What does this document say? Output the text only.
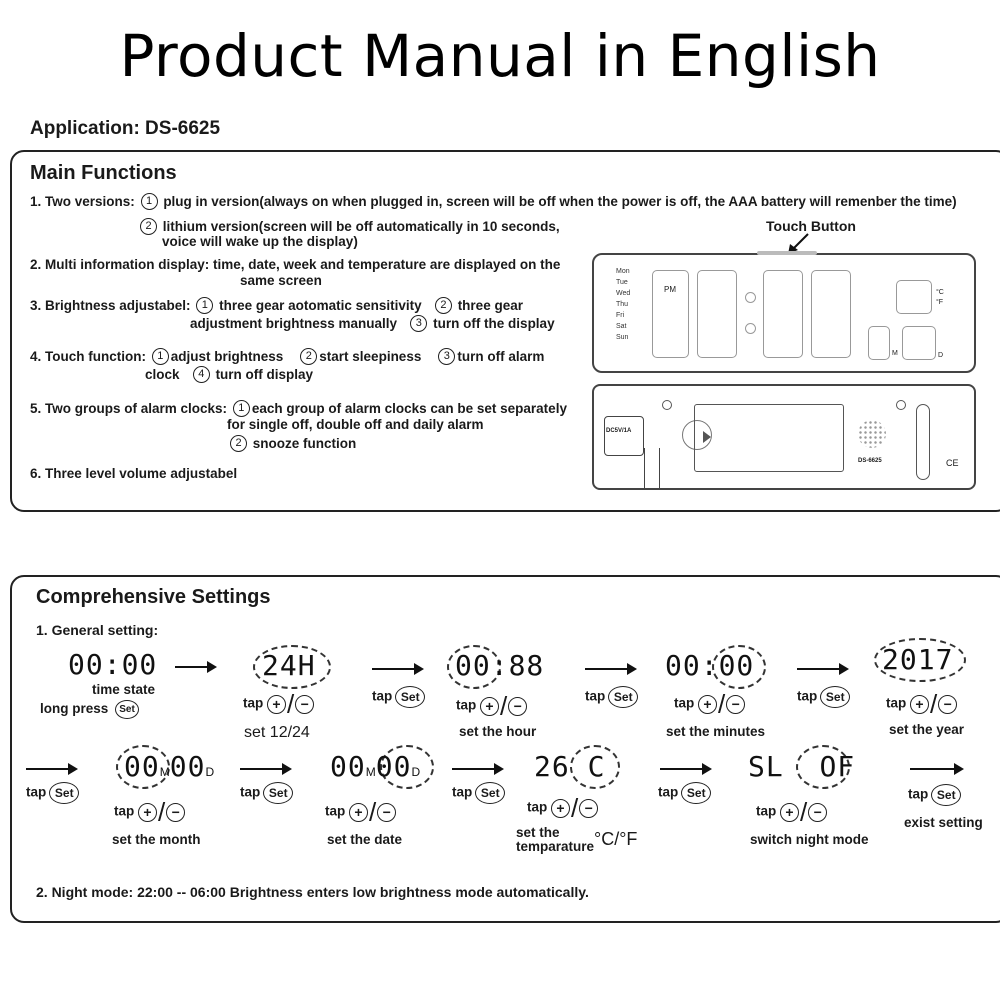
Product Manual in English
Application: DS-6625
Main Functions
1. Two versions: 1 plug in version(always on when plugged in, screen will be off when the power is off, the AAA battery will remenber the time)
2 lithium version(screen will be off automatically in 10 seconds,
voice will wake up the display)
2. Multi information display: time, date, week and temperature are displayed on the
same screen
3. Brightness adjustabel: 1 three gear aotomatic sensitivity 2 three gear
adjustment brightness manually 3 turn off the display
4. Touch function: 1 adjust brightness 2 start sleepiness 3 turn off alarm
clock 4 turn off display
5. Two groups of alarm clocks: 1 each group of alarm clocks can be set separately
for single off, double off and daily alarm
2 snooze function
6. Three level volume adjustabel
Touch Button
Mon
Tue
Wed
Thu
Fri
Sat
Sun
PM	°C
°F
M	D
DC5V/1A
DS-6625	CE
Comprehensive Settings
1. General setting:
00:00
time state
long press Set
24H
tap + / −
set 12/24
tap Set
00:88
tap + / −
set the hour
tap Set
00:00
tap + / −
set the minutes
tap Set
2017
tap + / −
set the year
tap Set
00M00D
tap + / −
set the month
tap Set
00M00D
tap + / −
set the date
tap Set
26 C
tap + / −
set the
temparature °C/°F
tap Set
SL OF
tap + / −
switch night mode
tap Set
exist setting
2. Night mode: 22:00 -- 06:00 Brightness enters low brightness mode automatically.
